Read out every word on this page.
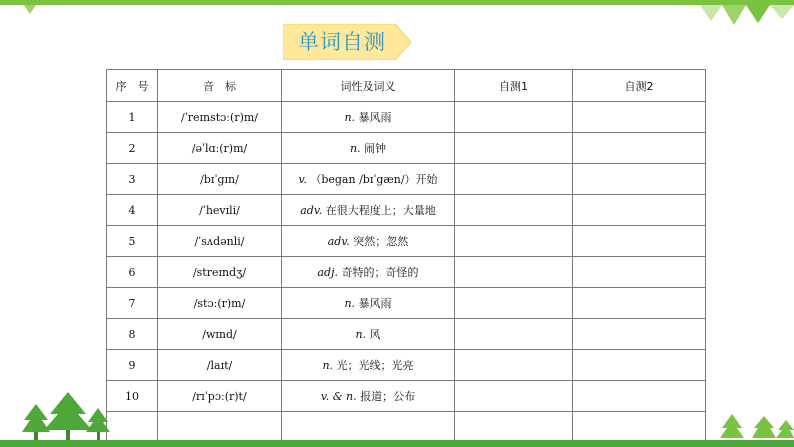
单词自测
序　号	音　标	词性及词义	自测1	自测2
1	/ˈreɪnstɔː(r)m/	n. 暴风雨		
2	/əˈlɑː(r)m/	n. 闹钟		
3	/bɪˈgɪn/	v. （began /bɪˈgæn/）开始		
4	/ˈhevɪli/	adv. 在很大程度上；大量地		
5	/ˈsʌdənli/	adv. 突然；忽然		
6	/streɪndʒ/	adj. 奇特的；奇怪的		
7	/stɔː(r)m/	n. 暴风雨		
8	/wɪnd/	n. 风		
9	/laɪt/	n. 光；光线；光亮		
10	/rɪˈpɔː(r)t/	v. & n. 报道；公布		
